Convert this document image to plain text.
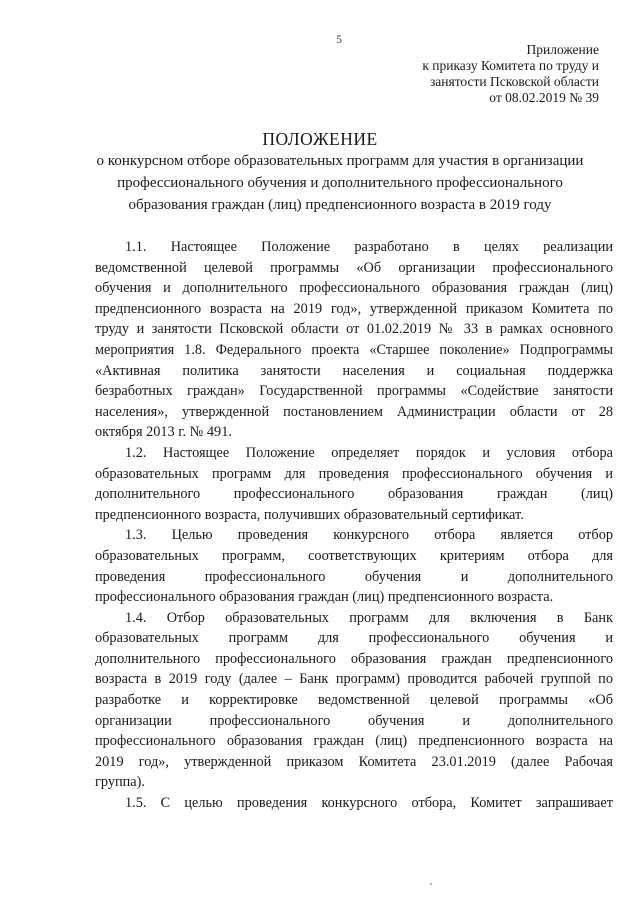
5
Приложение
к приказу Комитета по труду и
занятости Псковской области
от 08.02.2019 № 39
ПОЛОЖЕНИЕ
о конкурсном отборе образовательных программ для участия в организации
профессионального обучения и дополнительного профессионального
образования граждан (лиц) предпенсионного возраста в 2019 году
1.1. Настоящее Положение разработано в целях реализации
ведомственной целевой программы «Об организации профессионального
обучения и дополнительного профессионального образования граждан (лиц)
предпенсионного возраста на 2019 год», утвержденной приказом Комитета по
труду и занятости Псковской области от 01.02.2019 № 33 в рамках основного
мероприятия 1.8. Федерального проекта «Старшее поколение» Подпрограммы
«Активная политика занятости населения и социальная поддержка
безработных граждан» Государственной программы «Содействие занятости
населения», утвержденной постановлением Администрации области от 28
октября 2013 г. № 491.
1.2. Настоящее Положение определяет порядок и условия отбора
образовательных программ для проведения профессионального обучения и
дополнительного профессионального образования граждан (лиц)
предпенсионного возраста, получивших образовательный сертификат.
1.3. Целью проведения конкурсного отбора является отбор
образовательных программ, соответствующих критериям отбора для
проведения профессионального обучения и дополнительного
профессионального образования граждан (лиц) предпенсионного возраста.
1.4. Отбор образовательных программ для включения в Банк
образовательных программ для профессионального обучения и
дополнительного профессионального образования граждан предпенсионного
возраста в 2019 году (далее – Банк программ) проводится рабочей группой по
разработке и корректировке ведомственной целевой программы «Об
организации профессионального обучения и дополнительного
профессионального образования граждан (лиц) предпенсионного возраста на
2019 год», утвержденной приказом Комитета 23.01.2019 (далее Рабочая
группа).
1.5. С целью проведения конкурсного отбора, Комитет запрашивает
